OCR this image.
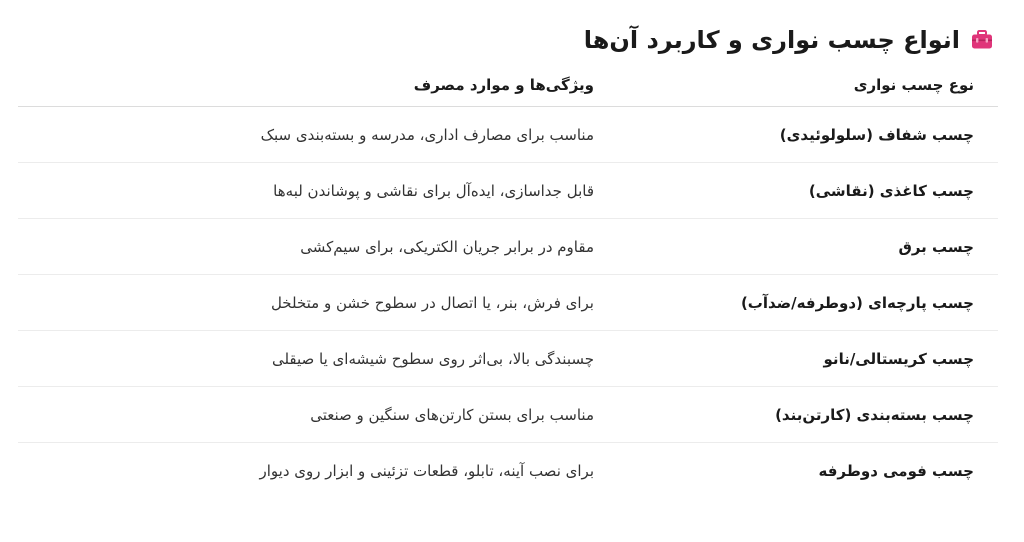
انواع چسب نواری و کاربرد آن‌ها
نوع چسب نواری	ویژگی‌ها و موارد مصرف
چسب شفاف (سلولوئیدی)	مناسب برای مصارف اداری، مدرسه و بسته‌بندی سبک
چسب کاغذی (نقاشی)	قابل جداسازی، ایده‌آل برای نقاشی و پوشاندن لبه‌ها
چسب برق	مقاوم در برابر جریان الکتریکی، برای سیم‌کشی
چسب پارچه‌ای (دوطرفه/ضدآب)	برای فرش، بنر، یا اتصال در سطوح خشن و متخلخل
چسب کریستالی/نانو	چسبندگی بالا، بی‌اثر روی سطوح شیشه‌ای یا صیقلی
چسب بسته‌بندی (کارتن‌بند)	مناسب برای بستن کارتن‌های سنگین و صنعتی
چسب فومی دوطرفه	برای نصب آینه، تابلو، قطعات تزئینی و ابزار روی دیوار
